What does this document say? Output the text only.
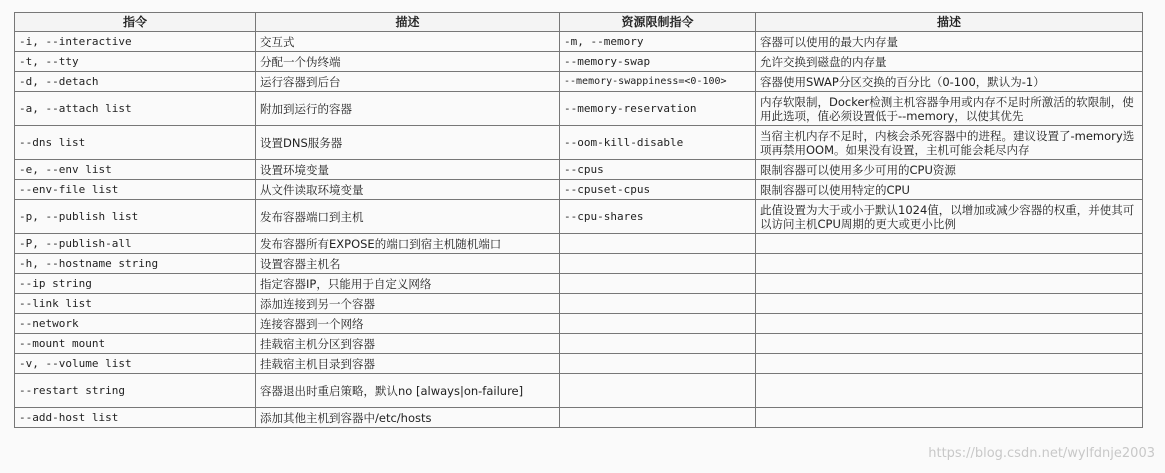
指令	描述	资源限制指令	描述
-i, --interactive	交互式	-m, --memory	容器可以使用的最大内存量
-t, --tty	分配一个伪终端	--memory-swap	允许交换到磁盘的内存量
-d, --detach	运行容器到后台	--memory-swappiness=<0-100>	容器使用SWAP分区交换的百分比（0-100，默认为-1）
-a, --attach list	附加到运行的容器	--memory-reservation	内存软限制，Docker检测主机容器争用或内存不足时所激活的软限制，使用此选项，值必须设置低于--memory，以使其优先
--dns list	设置DNS服务器	--oom-kill-disable	当宿主机内存不足时，内核会杀死容器中的进程。建议设置了-memory选项再禁用OOM。如果没有设置，主机可能会耗尽内存
-e, --env list	设置环境变量	--cpus	限制容器可以使用多少可用的CPU资源
--env-file list	从文件读取环境变量	--cpuset-cpus	限制容器可以使用特定的CPU
-p, --publish list	发布容器端口到主机	--cpu-shares	此值设置为大于或小于默认1024值，以增加或减少容器的权重，并使其可以访问主机CPU周期的更大或更小比例
-P, --publish-all	发布容器所有EXPOSE的端口到宿主机随机端口		
-h, --hostname string	设置容器主机名		
--ip string	指定容器IP，只能用于自定义网络		
--link list	添加连接到另一个容器		
--network	连接容器到一个网络		
--mount mount	挂载宿主机分区到容器		
-v, --volume list	挂载宿主机目录到容器		
--restart string	容器退出时重启策略，默认no [always|on-failure]		
--add-host list	添加其他主机到容器中/etc/hosts		
https://blog.csdn.net/wylfdnje2003
